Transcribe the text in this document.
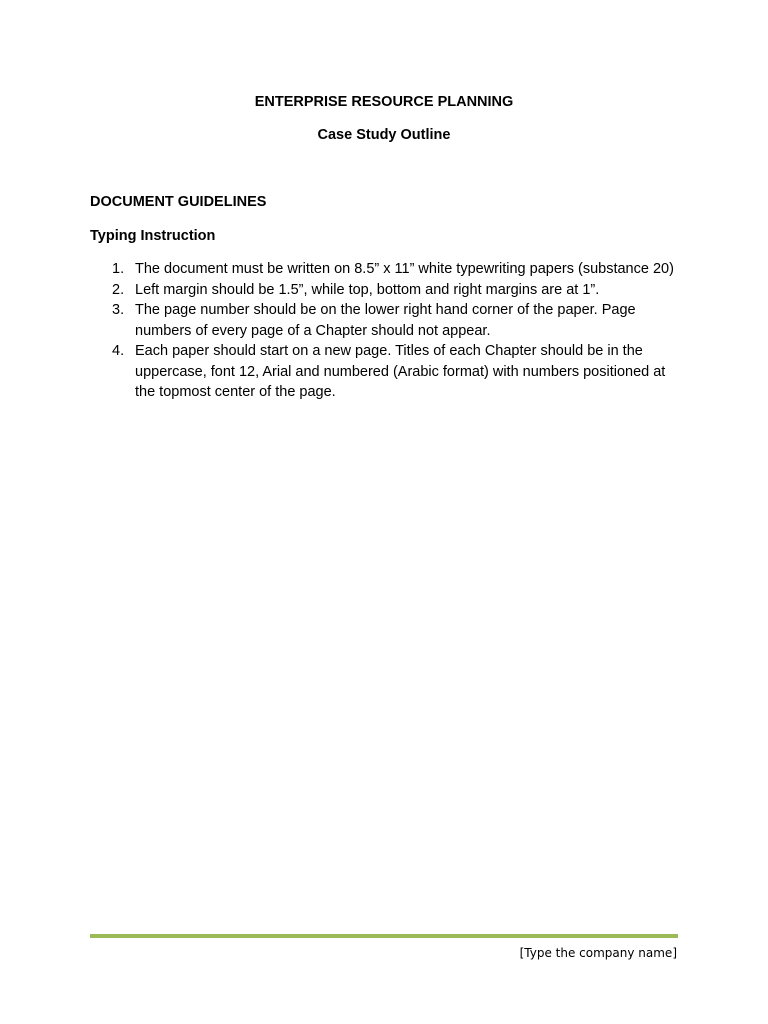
ENTERPRISE RESOURCE PLANNING
Case Study Outline
DOCUMENT GUIDELINES
Typing Instruction
1. The document must be written on 8.5” x 11” white typewriting papers (substance 20)
2. Left margin should be 1.5”, while top, bottom and right margins are at 1”.
3. The page number should be on the lower right hand corner of the paper. Page numbers of every page of a Chapter should not appear.
4. Each paper should start on a new page. Titles of each Chapter should be in the uppercase, font 12, Arial and numbered (Arabic format) with numbers positioned at the topmost center of the page.
[Type the company name]
